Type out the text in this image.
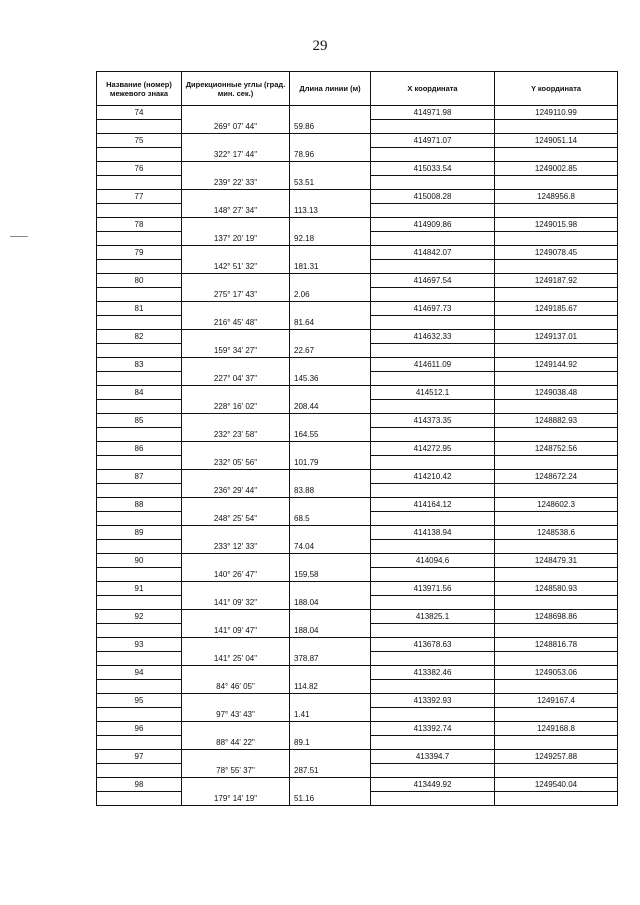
29
Название (номер) межевого знака	Дирекционные углы (град. мин. сек.)	Длина линии (м)	Х координата	Y координата
74			414971.98	1249110.99
	269° 07' 44"	59.86		
75			414971.07	1249051.14
	322° 17' 44"	78.96		
76			415033.54	1249002.85
	239° 22' 33"	53.51		
77			415008.28	1248956.8
	148° 27' 34"	113.13		
78			414909.86	1249015.98
	137° 20' 19"	92.18		
79			414842.07	1249078.45
	142° 51' 32"	181.31		
80			414697.54	1249187.92
	275° 17' 43"	2.06		
81			414697.73	1249185.67
	216° 45' 48"	81.64		
82			414632.33	1249137.01
	159° 34' 27"	22.67		
83			414611.09	1249144.92
	227° 04' 37"	145.36		
84			414512.1	1249038.48
	228° 16' 02"	208.44		
85			414373.35	1248882.93
	232° 23' 58"	164.55		
86			414272.95	1248752.56
	232° 05' 56"	101.79		
87			414210.42	1248672.24
	236° 29' 44"	83.88		
88			414164.12	1248602.3
	248° 25' 54"	68.5		
89			414138.94	1248538.6
	233° 12' 33"	74.04		
90			414094.6	1248479.31
	140° 26' 47"	159.58		
91			413971.56	1248580.93
	141° 09' 32"	188.04		
92			413825.1	1248698.86
	141° 09' 47"	188.04		
93			413678.63	1248816.78
	141° 25' 04"	378.87		
94			413382.46	1249053.06
	84° 46' 05"	114.82		
95			413392.93	1249167.4
	97° 43' 43"	1.41		
96			413392.74	1249168.8
	88° 44' 22"	89.1		
97			413394.7	1249257.88
	78° 55' 37"	287.51		
98			413449.92	1249540.04
	179° 14' 19"	51.16		
